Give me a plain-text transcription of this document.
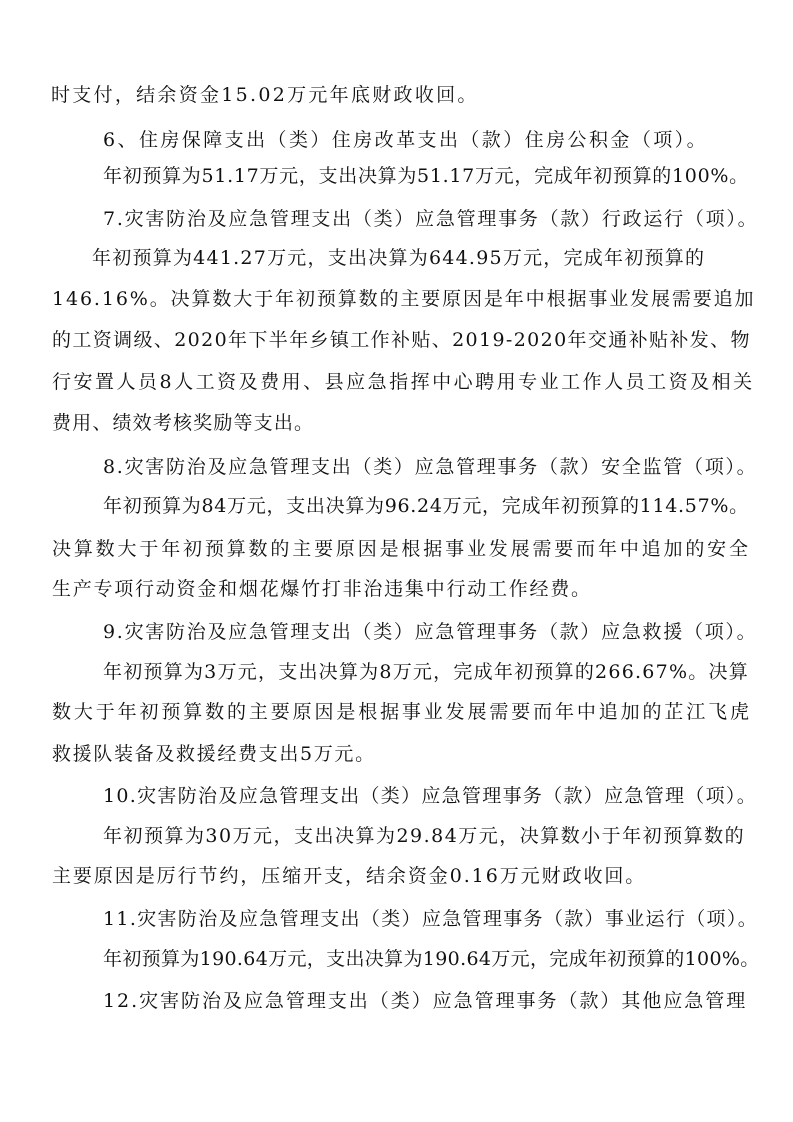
时支付，结余资金15.02万元年底财政收回。
6、住房保障支出（类）住房改革支出（款）住房公积金（项）。
年初预算为51.17万元，支出决算为51.17万元，完成年初预算的100%。
7.灾害防治及应急管理支出（类）应急管理事务（款）行政运行（项）。
年初预算为441.27万元，支出决算为644.95万元，完成年初预算的
146.16%。决算数大于年初预算数的主要原因是年中根据事业发展需要追加
的工资调级、2020年下半年乡镇工作补贴、2019-2020年交通补贴补发、物
行安置人员8人工资及费用、县应急指挥中心聘用专业工作人员工资及相关
费用、绩效考核奖励等支出。
8.灾害防治及应急管理支出（类）应急管理事务（款）安全监管（项）。
年初预算为84万元，支出决算为96.24万元，完成年初预算的114.57%。
决算数大于年初预算数的主要原因是根据事业发展需要而年中追加的安全
生产专项行动资金和烟花爆竹打非治违集中行动工作经费。
9.灾害防治及应急管理支出（类）应急管理事务（款）应急救援（项）。
年初预算为3万元，支出决算为8万元，完成年初预算的266.67%。决算
数大于年初预算数的主要原因是根据事业发展需要而年中追加的芷江飞虎
救援队装备及救援经费支出5万元。
10.灾害防治及应急管理支出（类）应急管理事务（款）应急管理（项）。
年初预算为30万元，支出决算为29.84万元，决算数小于年初预算数的
主要原因是厉行节约，压缩开支，结余资金0.16万元财政收回。
11.灾害防治及应急管理支出（类）应急管理事务（款）事业运行（项）。
年初预算为190.64万元，支出决算为190.64万元，完成年初预算的100%。
12.灾害防治及应急管理支出（类）应急管理事务（款）其他应急管理
